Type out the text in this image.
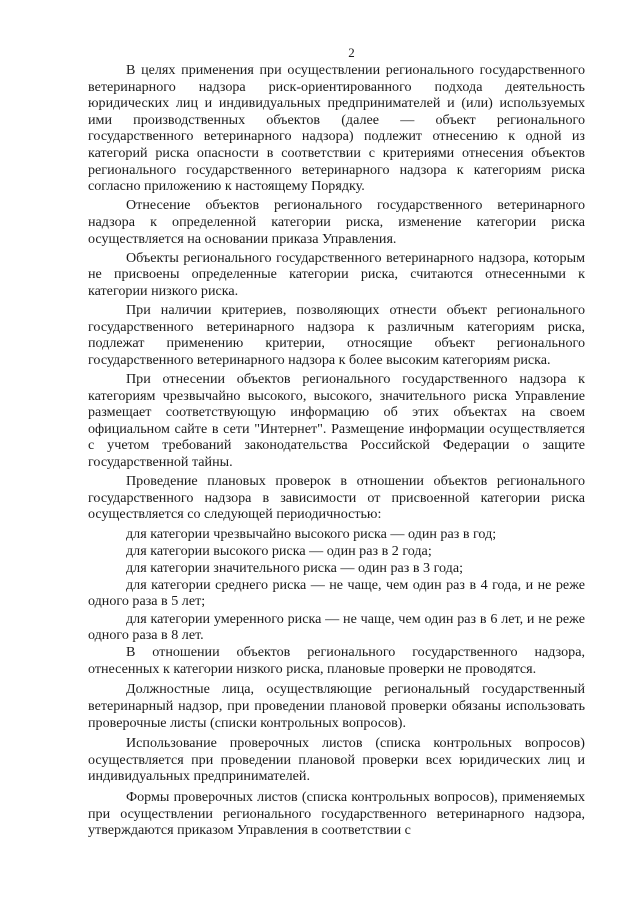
2

В целях применения при осуществлении регионального государственного ветеринарного надзора риск-ориентированного подхода деятельность юридических лиц и индивидуальных предпринимателей и (или) используемых ими производственных объектов (далее — объект регионального государственного ветеринарного надзора) подлежит отнесению к одной из категорий риска опасности в соответствии с критериями отнесения объектов регионального государственного ветеринарного надзора к категориям риска согласно приложению к настоящему Порядку.

Отнесение объектов регионального государственного ветеринарного надзора к определенной категории риска, изменение категории риска осуществляется на основании приказа Управления.

Объекты регионального государственного ветеринарного надзора, которым не присвоены определенные категории риска, считаются отнесенными к категории низкого риска.

При наличии критериев, позволяющих отнести объект регионального государственного ветеринарного надзора к различным категориям риска, подлежат применению критерии, относящие объект регионального государственного ветеринарного надзора к более высоким категориям риска.

При отнесении объектов регионального государственного надзора к категориям чрезвычайно высокого, высокого, значительного риска Управление размещает соответствующую информацию об этих объектах на своем официальном сайте в сети "Интернет". Размещение информации осуществляется с учетом требований законодательства Российской Федерации о защите государственной тайны.

Проведение плановых проверок в отношении объектов регионального государственного надзора в зависимости от присвоенной категории риска осуществляется со следующей периодичностью:

для категории чрезвычайно высокого риска — один раз в год;

для категории высокого риска — один раз в 2 года;

для категории значительного риска — один раз в 3 года;

для категории среднего риска — не чаще, чем один раз в 4 года, и не реже одного раза в 5 лет;

для категории умеренного риска — не чаще, чем один раз в 6 лет, и не реже одного раза в 8 лет.

В отношении объектов регионального государственного надзора, отнесенных к категории низкого риска, плановые проверки не проводятся.

Должностные лица, осуществляющие региональный государственный ветеринарный надзор, при проведении плановой проверки обязаны использовать проверочные листы (списки контрольных вопросов).

Использование проверочных листов (списка контрольных вопросов) осуществляется при проведении плановой проверки всех юридических лиц и индивидуальных предпринимателей.

Формы проверочных листов (списка контрольных вопросов), применяемых при осуществлении регионального государственного ветеринарного надзора, утверждаются приказом Управления в соответствии с
